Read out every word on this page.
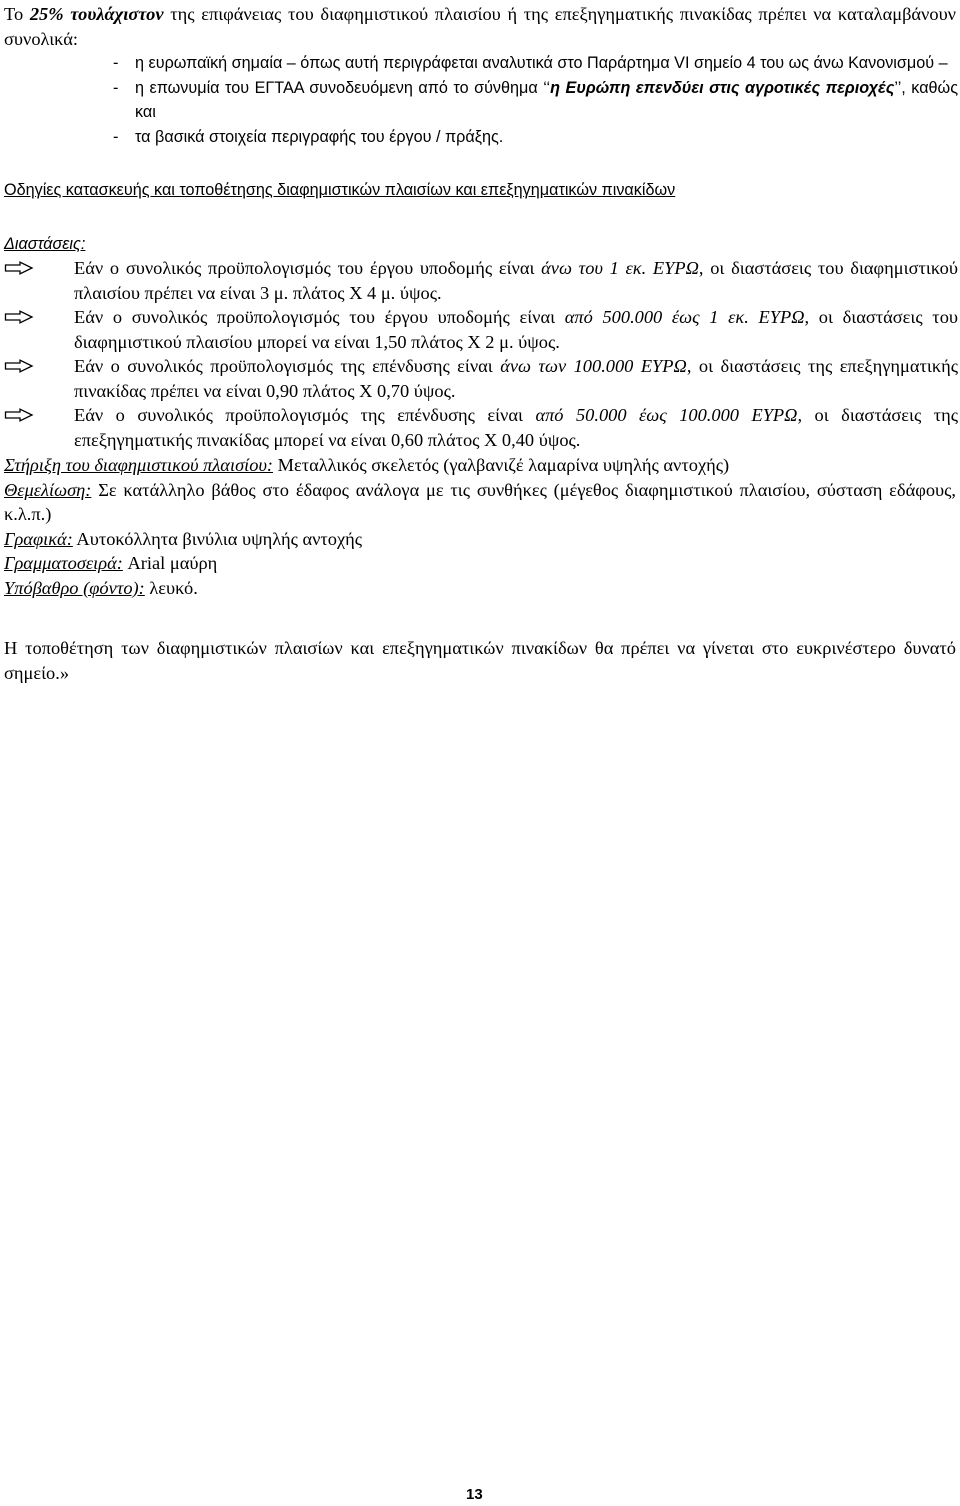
Το 25% τουλάχιστον της επιφάνειας του διαφημιστικού πλαισίου ή της επεξηγηματικής πινακίδας πρέπει να καταλαμβάνουν συνολικά:
- η ευρωπαϊκή σημαία – όπως αυτή περιγράφεται αναλυτικά στο Παράρτημα VI σημείο 4 του ως άνω Κανονισμού –
- η επωνυμία του ΕΓΤΑΑ συνοδευόμενη από το σύνθημα ‘‘η Ευρώπη επενδύει στις αγροτικές περιοχές’’, καθώς και
- τα βασικά στοιχεία περιγραφής του έργου / πράξης.
Οδηγίες κατασκευής και τοποθέτησης διαφημιστικών πλαισίων και επεξηγηματικών πινακίδων
Διαστάσεις:
Εάν ο συνολικός προϋπολογισμός του έργου υποδομής είναι άνω του 1 εκ. ΕΥΡΩ, οι διαστάσεις του διαφημιστικού πλαισίου πρέπει να είναι 3 μ. πλάτος Χ 4 μ. ύψος.
Εάν ο συνολικός προϋπολογισμός του έργου υποδομής είναι από 500.000 έως 1 εκ. ΕΥΡΩ, οι διαστάσεις του διαφημιστικού πλαισίου μπορεί να είναι 1,50 πλάτος Χ 2 μ. ύψος.
Εάν ο συνολικός προϋπολογισμός της επένδυσης είναι άνω των 100.000 ΕΥΡΩ, οι διαστάσεις της επεξηγηματικής πινακίδας πρέπει να είναι 0,90 πλάτος Χ 0,70 ύψος.
Εάν ο συνολικός προϋπολογισμός της επένδυσης είναι από 50.000 έως 100.000 ΕΥΡΩ, οι διαστάσεις της επεξηγηματικής πινακίδας μπορεί να είναι 0,60 πλάτος Χ 0,40 ύψος.
Στήριξη του διαφημιστικού πλαισίου: Μεταλλικός σκελετός (γαλβανιζέ λαμαρίνα υψηλής αντοχής)
Θεμελίωση: Σε κατάλληλο βάθος στο έδαφος ανάλογα με τις συνθήκες (μέγεθος διαφημιστικού πλαισίου, σύσταση εδάφους, κ.λ.π.)
Γραφικά: Αυτοκόλλητα βινύλια υψηλής αντοχής
Γραμματοσειρά: Arial μαύρη
Υπόβαθρο (φόντο): λευκό.
Η τοποθέτηση των διαφημιστικών πλαισίων και επεξηγηματικών πινακίδων θα πρέπει να γίνεται στο ευκρινέστερο δυνατό σημείο.»
13
